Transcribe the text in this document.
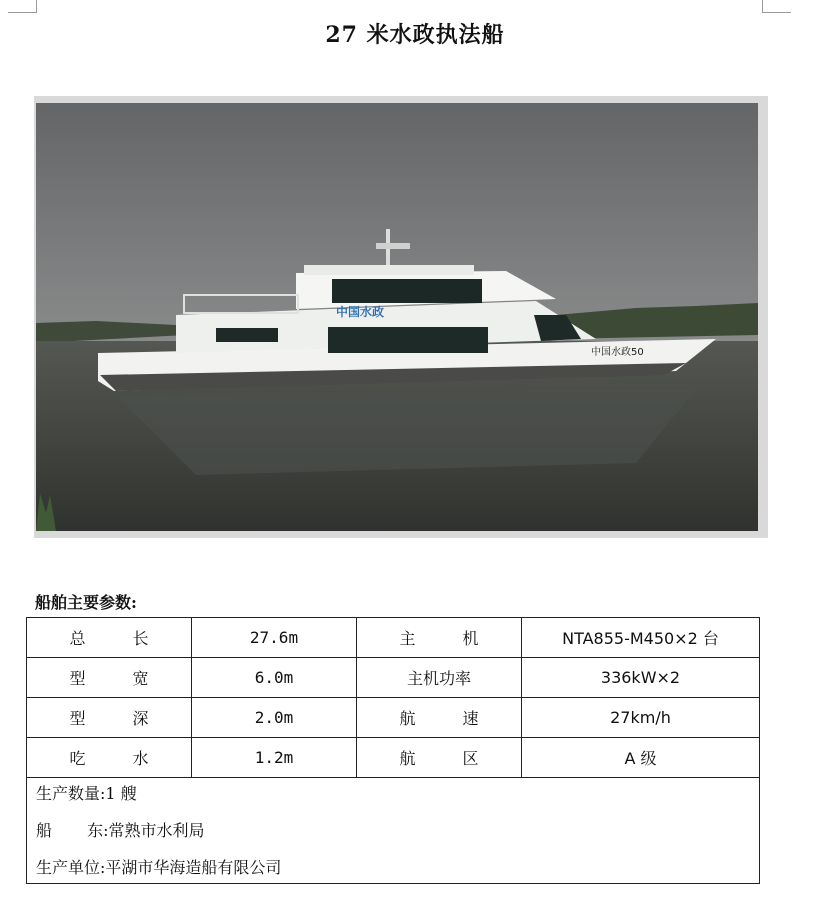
27 米水政执法船
中国水政
中国水政50
船舶主要参数:
总 长	27.6m	主 机	NTA855-M450×2 台
型 宽	6.0m	主机功率	336kW×2
型 深	2.0m	航 速	27km/h
吃 水	1.2m	航 区	A 级
生产数量:1 艘
船 东:常熟市水利局
生产单位:平湖市华海造船有限公司
